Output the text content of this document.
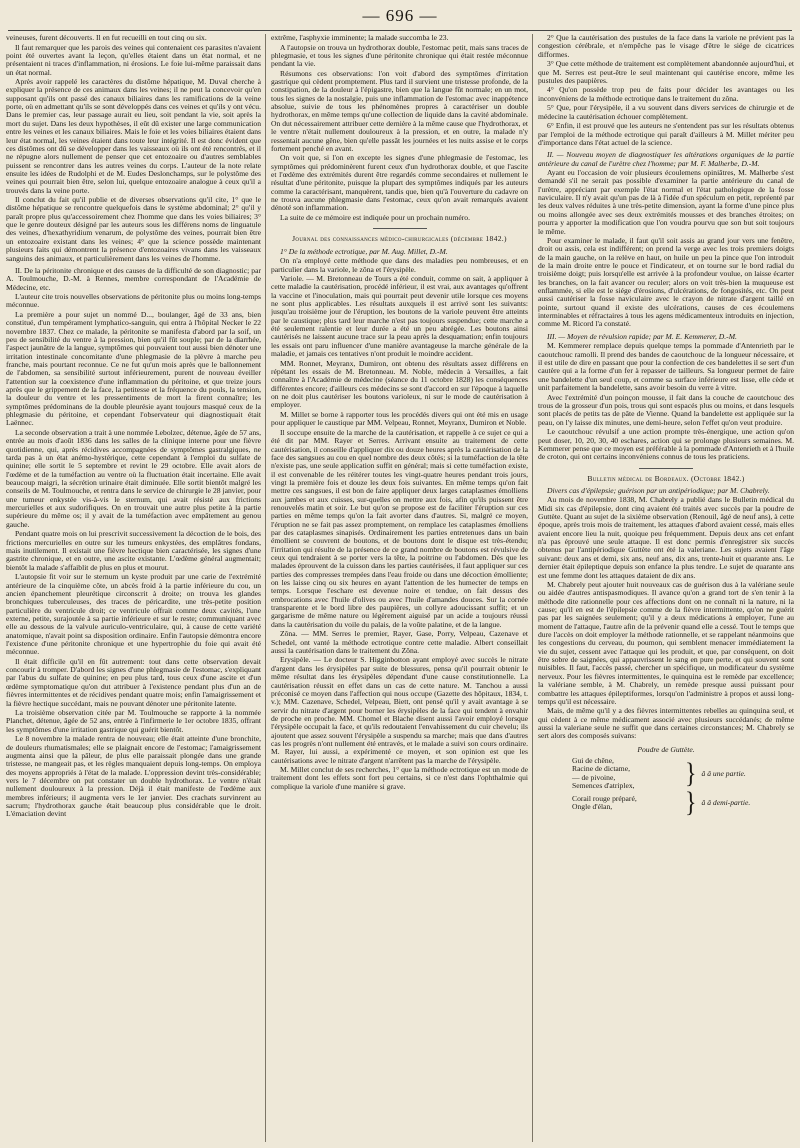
— 696 —

veineuses, furent découverts. Il en fut recueilli en tout cinq ou six.

Il faut remarquer que les parois des veines qui contenaient ces parasites n'avaient point été ouvertes avant la leçon, qu'elles étaient dans un état normal, et ne présentaient ni traces d'inflammation, ni érosions. Le foie lui-même paraissait dans un état normal.

Après avoir rappelé les caractères du distôme hépatique, M. Duval cherche à expliquer la présence de ces animaux dans les veines; il ne peut la concevoir qu'en supposant qu'ils ont passé des canaux biliaires dans les ramifications de la veine porte, où en admettant qu'ils se sont développés dans ces veines et qu'ils y ont vécu. Dans le premier cas, leur passage aurait eu lieu, soit pendant la vie, soit après la mort du sujet. Dans les deux hypothèses, il eût dû exister une large communication entre les veines et les canaux biliaires. Mais le foie et les voies biliaires étaient dans leur état normal, les veines étaient dans toute leur intégrité. Il est donc évident que ces distômes ont dû se développer dans les vaisseaux où ils ont été rencontrés, et il ne répugne alors nullement de penser que cet entozoaire ou d'autres semblables puissent se rencontrer dans les autres veines du corps. L'auteur de la note relate ensuite les idées de Rudolphi et de M. Eudes Deslonchamps, sur le polystôme des veines qui pourrait bien être, selon lui, quelque entozoaire analogue à ceux qu'il a trouvés dans la veine porte.

Il conclut du fait qu'il publie et de diverses observations qu'il cite, 1° que le distôme hépatique se rencontre quelquefois dans le système abdominal; 2° qu'il y paraît propre plus qu'accessoirement chez l'homme que dans les voies biliaires; 3° que le genre douteux désigné par les auteurs sous les différens noms de linguatule des veines, d'hexathyridium venarum, de polystôme des veines, pourrait bien être un entozoaire existant dans les veines; 4° que la science possède maintenant plusieurs faits qui démontrent la présence d'entozoaires vivans dans les vaisseaux sanguins des animaux, et particulièrement dans les veines de l'homme.

II. De la péritonite chronique et des causes de la difficulté de son diagnostic; par A. Toulmouche, D.-M. à Rennes, membre correspondant de l'Académie de Médecine, etc.

L'auteur cite trois nouvelles observations de péritonite plus ou moins long-temps méconnue.

La première a pour sujet un nommé D..., boulanger, âgé de 33 ans, bien constitué, d'un tempérament lymphatico-sanguin, qui entra à l'hôpital Necker le 22 novembre 1837. Chez ce malade, la péritonite se manifesta d'abord par la soif, un peu de sensibilité du ventre à la pression, bien qu'il fût souple; par de la diarrhée, l'aspect jaunâtre de la langue, symptômes qui pouvaient tout aussi bien dénoter une irritation intestinale concomitante d'une phlegmasie de la plèvre à marche peu franche, mais pourtant reconnue. Ce ne fut qu'un mois après que le ballonnement de l'abdomen, sa sensibilité surtout inférieurement, purent de nouveau éveiller l'attention sur la coexistence d'une inflammation du péritoine, et que treize jours après que le grippement de la face, la petitesse et la fréquence du pouls, la tension, la douleur du ventre et les pressentiments de mort la firent connaître; les symptômes prédominans de la double pleurésie ayant toujours masqué ceux de la phlegmasie du péritoine, et cependant l'observateur qui diagnostiquait était Laënnec.

La seconde observation a trait à une nommée Lebolzec, détenue, âgée de 57 ans, entrée au mois d'août 1836 dans les salles de la clinique interne pour une fièvre quotidienne, qui, après récidives accompagnées de symptômes gastralgiques, ne tarda pas à un état anémo-hystérique, cette cependant à l'emploi du sulfate de quinine; elle sortit le 5 septembre et revint le 29 octobre. Elle avait alors de l'œdème et de la tuméfaction au ventre où la fluctuation était incertaine. Elle avait beaucoup maigri, la sécrétion urinaire était diminuée. Elle sortit bientôt malgré les conseils de M. Toulmouche, et rentra dans le service de chirurgie le 28 janvier, pour une tumeur enkystée vis-à-vis le sternum, qui avait résisté aux frictions mercurielles et aux sudorifiques. On en trouvait une autre plus petite à la partie supérieure du même os; il y avait de la tuméfaction avec empâtement au genou gauche.

Pendant quatre mois on lui prescrivit successivement la décoction de le bois, des frictions mercurielles en outre sur les tumeurs enkystées, des emplâtres fondans, mais inutilement. Il existait une fièvre hectique bien caractérisée, les signes d'une gastrite chronique, et en outre, une ascite existante. L'œdème général augmentait; bientôt la malade s'affaiblit de plus en plus et mourut.

L'autopsie fit voir sur le sternum un kyste produit par une carie de l'extrémité antérieure de la cinquième côte, un abcès froid à la partie inférieure du cou, un ancien épanchement pleurétique circonscrit à droite; on trouva les glandes bronchiques tuberculeuses, des traces de péricardite, une très-petite position particulière du ventricule droit; ce ventricule offrait comme deux cavités, l'une externe, petite, surajoutée à sa partie inférieure et sur le reste; communiquant avec elle au dessous de la valvule auriculo-ventriculaire, qui, à cause de cette variété anatomique, n'avait point sa disposition ordinaire. Enfin l'autopsie démontra encore l'existence d'une péritonite chronique et une hypertrophie du foie qui avait été méconnue.

Il était difficile qu'il en fût autrement: tout dans cette observation devait concourir à tromper. D'abord les signes d'une phlegmasie de l'estomac, s'expliquant par l'abus du sulfate de quinine; en peu plus tard, tous ceux d'une ascite et d'un œdème symptomatique qu'on dut attribuer à l'existence pendant plus d'un an de fièvres intermittentes et de récidives pendant quatre mois; enfin l'amaigrissement et la fièvre hectique succédant, mais ne pouvant dénoter une péritonite latente.

La troisième observation citée par M. Toulmouche se rapporte à la nommée Planchet, détenue, âgée de 52 ans, entrée à l'infirmerie le 1er octobre 1835, offrant les symptômes d'une irritation gastrique qui guérit bientôt.

Le 8 novembre la malade rentra de nouveau; elle était atteinte d'une bronchite, de douleurs rhumatismales; elle se plaignait encore de l'estomac; l'amaigrissement augmenta ainsi que la pâleur, de plus elle paraissait plongée dans une grande tristesse, ne mangeait pas, et les règles manquaient depuis long-temps. On employa des moyens appropriés à l'état de la malade. L'oppression devint très-considérable; vers le 7 décembre on put constater un double hydrothorax. Le ventre n'était nullement douloureux à la pression. Déjà il était manifeste de l'œdème aux membres inférieurs; il augmenta vers le 1er janvier. Des crachats survinrent au sacrum; l'hydrothorax gauche était beaucoup plus considérable que le droit. L'émaciation devint

extrême, l'asphyxie imminente; la malade succomba le 23.

A l'autopsie on trouva un hydrothorax double, l'estomac petit, mais sans traces de phlegmasie, et tous les signes d'une péritonite chronique qui était restée méconnue pendant la vie.

Résumons ces observations: l'on voit d'abord des symptômes d'irritation gastrique qui cèdent promptement. Plus tard il survient une tristesse profonde, de la constipation, de la douleur à l'épigastre, bien que la langue fût normale; en un mot, tous les signes de la nostalgie, puis une inflammation de l'estomac avec inappétence absolue, suivie de tous les phénomènes propres à caractériser un double hydrothorax, en même temps qu'une collection de liquide dans la cavité abdominale. On dut nécessairement attribuer cette dernière à la même cause que l'hydrothorax, et le ventre n'était nullement douloureux à la pression, et en outre, la malade n'y ressentait aucune gêne, bien qu'elle passât les journées et les nuits assise et le corps fortement penché en avant.

On voit que, si l'on en excepte les signes d'une phlegmasie de l'estomac, les symptômes qui prédominèrent furent ceux d'un hydrothorax double, et que l'ascite et l'œdème des extrémités durent être regardés comme secondaires et nullement le résultat d'une péritonite, puisque la plupart des symptômes indiqués par les auteurs comme la caractérisant, manquèrent, tandis que, bien qu'à l'ouverture du cadavre on ne trouva aucune phlegmasie dans l'estomac, ceux qu'on avait remarqués avaient dénoté son inflammation.

La suite de ce mémoire est indiquée pour un prochain numéro.

Journal des connaissances médico-chirurgicales (décembre 1842.)

1° De la méthode ectrotique, par M. Aug. Millet, D.-M.

On n'a employé cette méthode que dans des maladies peu nombreuses, et en particulier dans la variole, le zôna et l'érysipèle.

Variole. — M. Bretonneau de Tours a été conduit, comme on sait, à appliquer à cette maladie la cautérisation, procédé inférieur, il est vrai, aux avantages qu'offrent la vaccine et l'inoculation, mais qui pourrait peut devenir utile lorsque ces moyens ne sont plus applicables. Les résultats auxquels il est arrivé sont les suivants: jusqu'au troisième jour de l'éruption, les boutons de la variole peuvent être atteints par le caustique; plus tard leur marche n'est pas toujours suspendue; cette marche a été seulement ralentie et leur durée a été un peu abrégée. Les boutons ainsi cautérisés ne laissent aucune trace sur la peau après la desquamation; enfin toujours les essais ont paru influencer d'une manière avantageuse la marche générale de la maladie, et jamais ces tentatives n'ont produit le moindre accident.

MM. Ronnet, Meyranx, Dumiron, ont obtenu des résultats assez différens en répétant les essais de M. Bretonneau. M. Noble, médecin à Versailles, a fait connaître à l'Académie de médecine (séance du 11 octobre 1828) les conséquences différentes encore; d'ailleurs ces médecins se sont d'accord en sur l'époque à laquelle on ne doit plus cautériser les boutons varioleux, ni sur le mode de cautérisation à employer.

M. Millet se borne à rapporter tous les procédés divers qui ont été mis en usage pour appliquer le caustique par MM. Velpeau, Ronnet, Meyranx, Dumiron et Noble.

Il soccupe ensuite de la marche de la cautérisation, et rappelle à ce sujet ce qui a été dit par MM. Rayer et Serres. Arrivant ensuite au traitement de cette cautérisation, il conseille d'appliquer dix ou douze heures après la cautérisation de la face des sangsues au cou en quel nombre des deux côtés; si la tuméfaction de la tête n'existe pas, une seule application suffit en général; mais si cette tuméfaction existe, il est convenable de les réitérer toutes les vingt-quatre heures pendant trois jours, vingt la première fois et douze les deux fois suivantes. En même temps qu'on fait mettre ces sangsues, il est bon de faire appliquer deux larges cataplasmes émolliens aux jambes et aux cuisses, sur-quelles on mettre aux fois, afin qu'ils puissent être renouvelés matin et soir. Le but qu'on se propose est de faciliter l'éruption sur ces parties en même temps qu'on la fait avorter dans d'autres. Si, malgré ce moyen, l'éruption ne se fait pas assez promptement, on remplace les cataplasmes émolliens par des cataplasmes sinapisés. Ordinairement les parties entretenues dans un bain émollient se couvrent de boutons, et de boutons dont le disque est très-étendu; l'irritation qui résulte de la présence de ce grand nombre de boutons est révulsive de ceux qui tendraient à se porter vers la tête, la poitrine ou l'abdomen. Dès que les malades éprouvent de la cuisson dans les parties cautérisées, il faut appliquer sur ces parties des compresses trempées dans l'eau froide ou dans une décoction émolliente; on les laisse cinq ou six heures en ayant l'attention de les humecter de temps en temps. Lorsque l'eschare est devenue noire et tendue, on fait dessus des embrocations avec l'huile d'olives ou avec l'huile d'amandes douces. Sur la cornée transparente et le bord libre des paupières, un collyre adoucissant suffit; et un gargarisme de même nature ou légèrement aiguisé par un acide a toujours réussi dans la cautérisation du voile du palais, de la voûte palatine, et de la langue.

Zôna. — MM. Serres le premier, Rayer, Gase, Porry, Velpeau, Cazenave et Schedel, ont vanté la méthode ectrotique contre cette maladie. Albert conseillait aussi la cautérisation dans le traitement du Zôna.

Erysipèle. — Le docteur S. Higginbotton ayant employé avec succès le nitrate d'argent dans les érysipèles par suite de blessures, pensa qu'il pourrait obtenir le même résultat dans les érysipèles dépendant d'une cause constitutionnelle. La cautérisation réussit en effet dans un cas de cette nature. M. Tanchou a aussi préconisé ce moyen dans l'affection qui nous occupe (Gazette des hôpitaux, 1834, t. v.); MM. Cazenave, Schedel, Velpeau, Biett, ont pensé qu'il y avait avantage à se servir du nitrate d'argent pour borner les érysipèles de la face qui tendent à envahir de proche en proche. MM. Chomel et Blache disent aussi l'avoir employé lorsque l'érysipèle occupait la face, et qu'ils redoutaient l'envahissement du cuir chevelu; ils ajoutent que assez souvent l'érysipèle a suspendu sa marche; mais que dans d'autres cas les progrès n'ont nullement été entravés, et le malade a suivi son cours ordinaire. M. Rayer, lui aussi, a expérimenté ce moyen, et son opinion est que les cautérisations avec le nitrate d'argent n'arrêtent pas la marche de l'érysipèle.

M. Millet conclut de ses recherches, 1° que la méthode ectrotique est un mode de traitement dont les effets sont fort peu certains, si ce n'est dans l'ophthalmie qui complique la variole d'une manière si grave.

2° Que la cautérisation des pustules de la face dans la variole ne prévient pas la congestion cérébrale, et n'empêche pas le visage d'être le siége de cicatrices difformes.

3° Que cette méthode de traitement est complètement abandonnée aujourd'hui, et que M. Serres est peut-être le seul maintenant qui cautérise encore, même les pustules des paupières.

4° Qu'on possède trop peu de faits pour décider les avantages ou les inconvéniens de la méthode ectrotique dans le traitement du zôna.

5° Que, pour l'érysipèle, il a vu souvent dans divers services de chirurgie et de médecine la cautérisation échouer complètement.

6° Enfin, il est prouvé que les auteurs ne s'entendent pas sur les résultats obtenus par l'emploi de la méthode ectrotique qui paraît d'ailleurs à M. Millet mériter peu d'importance dans l'état actuel de la science.

II. — Nouveau moyen de diagnostiquer les altérations organiques de la partie antérieure du canal de l'urètre chez l'homme; par M. F. Malherbe, D.-M.

Ayant eu l'occasion de voir plusieurs écoulemens opiniâtres, M. Malherbe s'est demandé s'il ne serait pas possible d'examiner la partie antérieure du canal de l'urètre, appréciant par exemple l'état normal et l'état pathologique de la fosse naviculaire. Il n'y avait qu'un pas de là à l'idée d'un spéculum en petit, repréenté par les deux valves réduites à une très-petite dimension, ayant la forme d'une pince plus ou moins allongée avec ses deux extrémités mousses et des branches étroites; on pourra y apporter la modification que l'on voudra pourvu que son but soit toujours le même.

Pour examiner le malade, il faut qu'il soit assis au grand jour vers une fenêtre, droit ou assis, cela est indifférent; on prend la verge avec les trois premiers doigts de la main gauche, on la relève en haut, on huile un peu la pince que l'on introduit de la main droite entre le pouce et l'indicateur, et on tourne sur le bord radial du troisième doigt; puis lorsqu'elle est arrivée à la profondeur voulue, on laisse écarter les branches, on la fait avancer ou reculer; alors on voit très-bien la muqueuse est enflammée, si elle est le siége d'érosions, d'ulcérations, de fongosités, etc. On peut aussi cautériser la fosse naviculaire avec le crayon de nitrate d'argent taillé en pointe, surtout quand il existe des ulcérations, causes de ces écoulemens interminables et réfractaires à tous les agens médicamenteux introduits en injection, comme M. Ricord l'a constaté.

III. — Moyen de révulsion rapide; par M. E. Kemmerer, D.-M.

M. Kemmerer remplace depuis quelque temps la pommade d'Antenrieth par le caoutchouc ramolli. Il prend des bandes de caoutchouc de la longueur nécessaire, et il est utile de dire en passant que pour la confection de ces bandelettes il se sert d'un cautère qui a la forme d'un fer à repasser de tailleurs. Sa longueur permet de faire une bandelette d'un seul coup, et comme sa surface inférieure est lisse, elle cède et unit parfaitement la bandelette, sans avoir besoin du verre à vitre.

Avec l'extrémité d'un poinçon mousse, il fait dans la couche de caoutchouc des trous de la grosseur d'un pois, trous qui sont espacés plus ou moins, et dans lesquels sont placés de petits tas de pâte de Vienne. Quand la bandelette est appliquée sur la peau, on l'y laisse dix minutes, une demi-heure, selon l'effet qu'on veut produire.

Le caoutchouc révulsif a une action prompte très-énergique, une action qu'on peut doser, 10, 20, 30, 40 eschares, action qui se prolonge plusieurs semaines. M. Kemmerer pense que ce moyen est préférable à la pommade d'Antenrieth et à l'huile de croton, qui ont certains inconvéniens connus de tous les praticiens.

Bulletin médical de Bordeaux. (Octobre 1842.)

Divers cas d'épilepsie; guérison par un antipériodique; par M. Chabrely.

Au mois de novembre 1838, M. Chabrely a publié dans le Bulletin médical du Midi six cas d'épilepsie, dont cinq avaient été traités avec succès par la poudre de Guttète. Quant au sujet de la sixième observation (Renouil, âgé de neuf ans), à cette époque, après trois mois de traitement, les attaques d'abord avaient cessé, mais elles avaient encore lieu la nuit, quoique peu fréquemment. Depuis deux ans cet enfant n'a pas éprouvé une seule attaque. Il est donc permis d'enregistrer six succès obtenus par l'antipériodique Guttète ont été la valeriane. Les sujets avaient l'âge suivant: deux ans et demi, six ans, neuf ans, dix ans, trente-huit et quarante ans. Le dernier était épileptique depuis son enfance la plus tendre. Le sujet de quarante ans est une femme dont les attaques dataient de dix ans.

M. Chabrely peut ajouter huit nouveaux cas de guérison dus à la valériane seule ou aidée d'autres antispasmodiques. Il avance qu'on a grand tort de s'en tenir à la méthode dite rationnelle pour ces affections dont on ne connaît ni la nature, ni la cause; qu'il en est de l'épilepsie comme de la fièvre intermittente, qu'on ne guérit pas par les saignées seulement; qu'il y a deux médications à employer, l'une au moment de l'attaque, l'autre afin de la prévenir quand elle a cessé. Tout le temps que dure l'accès on doit employer la méthode rationnelle, et se rappelant néanmoins que les congestions du cerveau, du poumon, qui semblent menacer immédiatement la vie du sujet, cessent avec l'attaque qui les produit, et que, par conséquent, on doit être sobre de saignées, qui appauvrissent le sang en pure perte, et qui souvent sont nuisibles. Il faut, l'accès passé, chercher un spécifique, un modificateur du système nerveux. Pour les fièvres intermittentes, le quinquina est le remède par excellence; la valériane semble, à M. Chabrely, un remède presque aussi puissant pour combattre les attaques épileptiformes, lorsqu'on l'administre à propos et aussi long-temps qu'il est nécessaire.

Mais, de même qu'il y a des fièvres intermittentes rebelles au quinquina seul, et qui cèdent à ce même médicament associé avec plusieurs succédanés; de même aussi la valeriane seule ne suffit que dans certaines circonstances; M. Chabrely se sert alors des composés suivans:

Poudre de Guttète.
Gui de chêne,
Racine de dictame,
— de pivoine,
Semences d'atriplex,	} â â une partie.
Corail rouge préparé,
Ongle d'élan,	} â â demi-partie.
